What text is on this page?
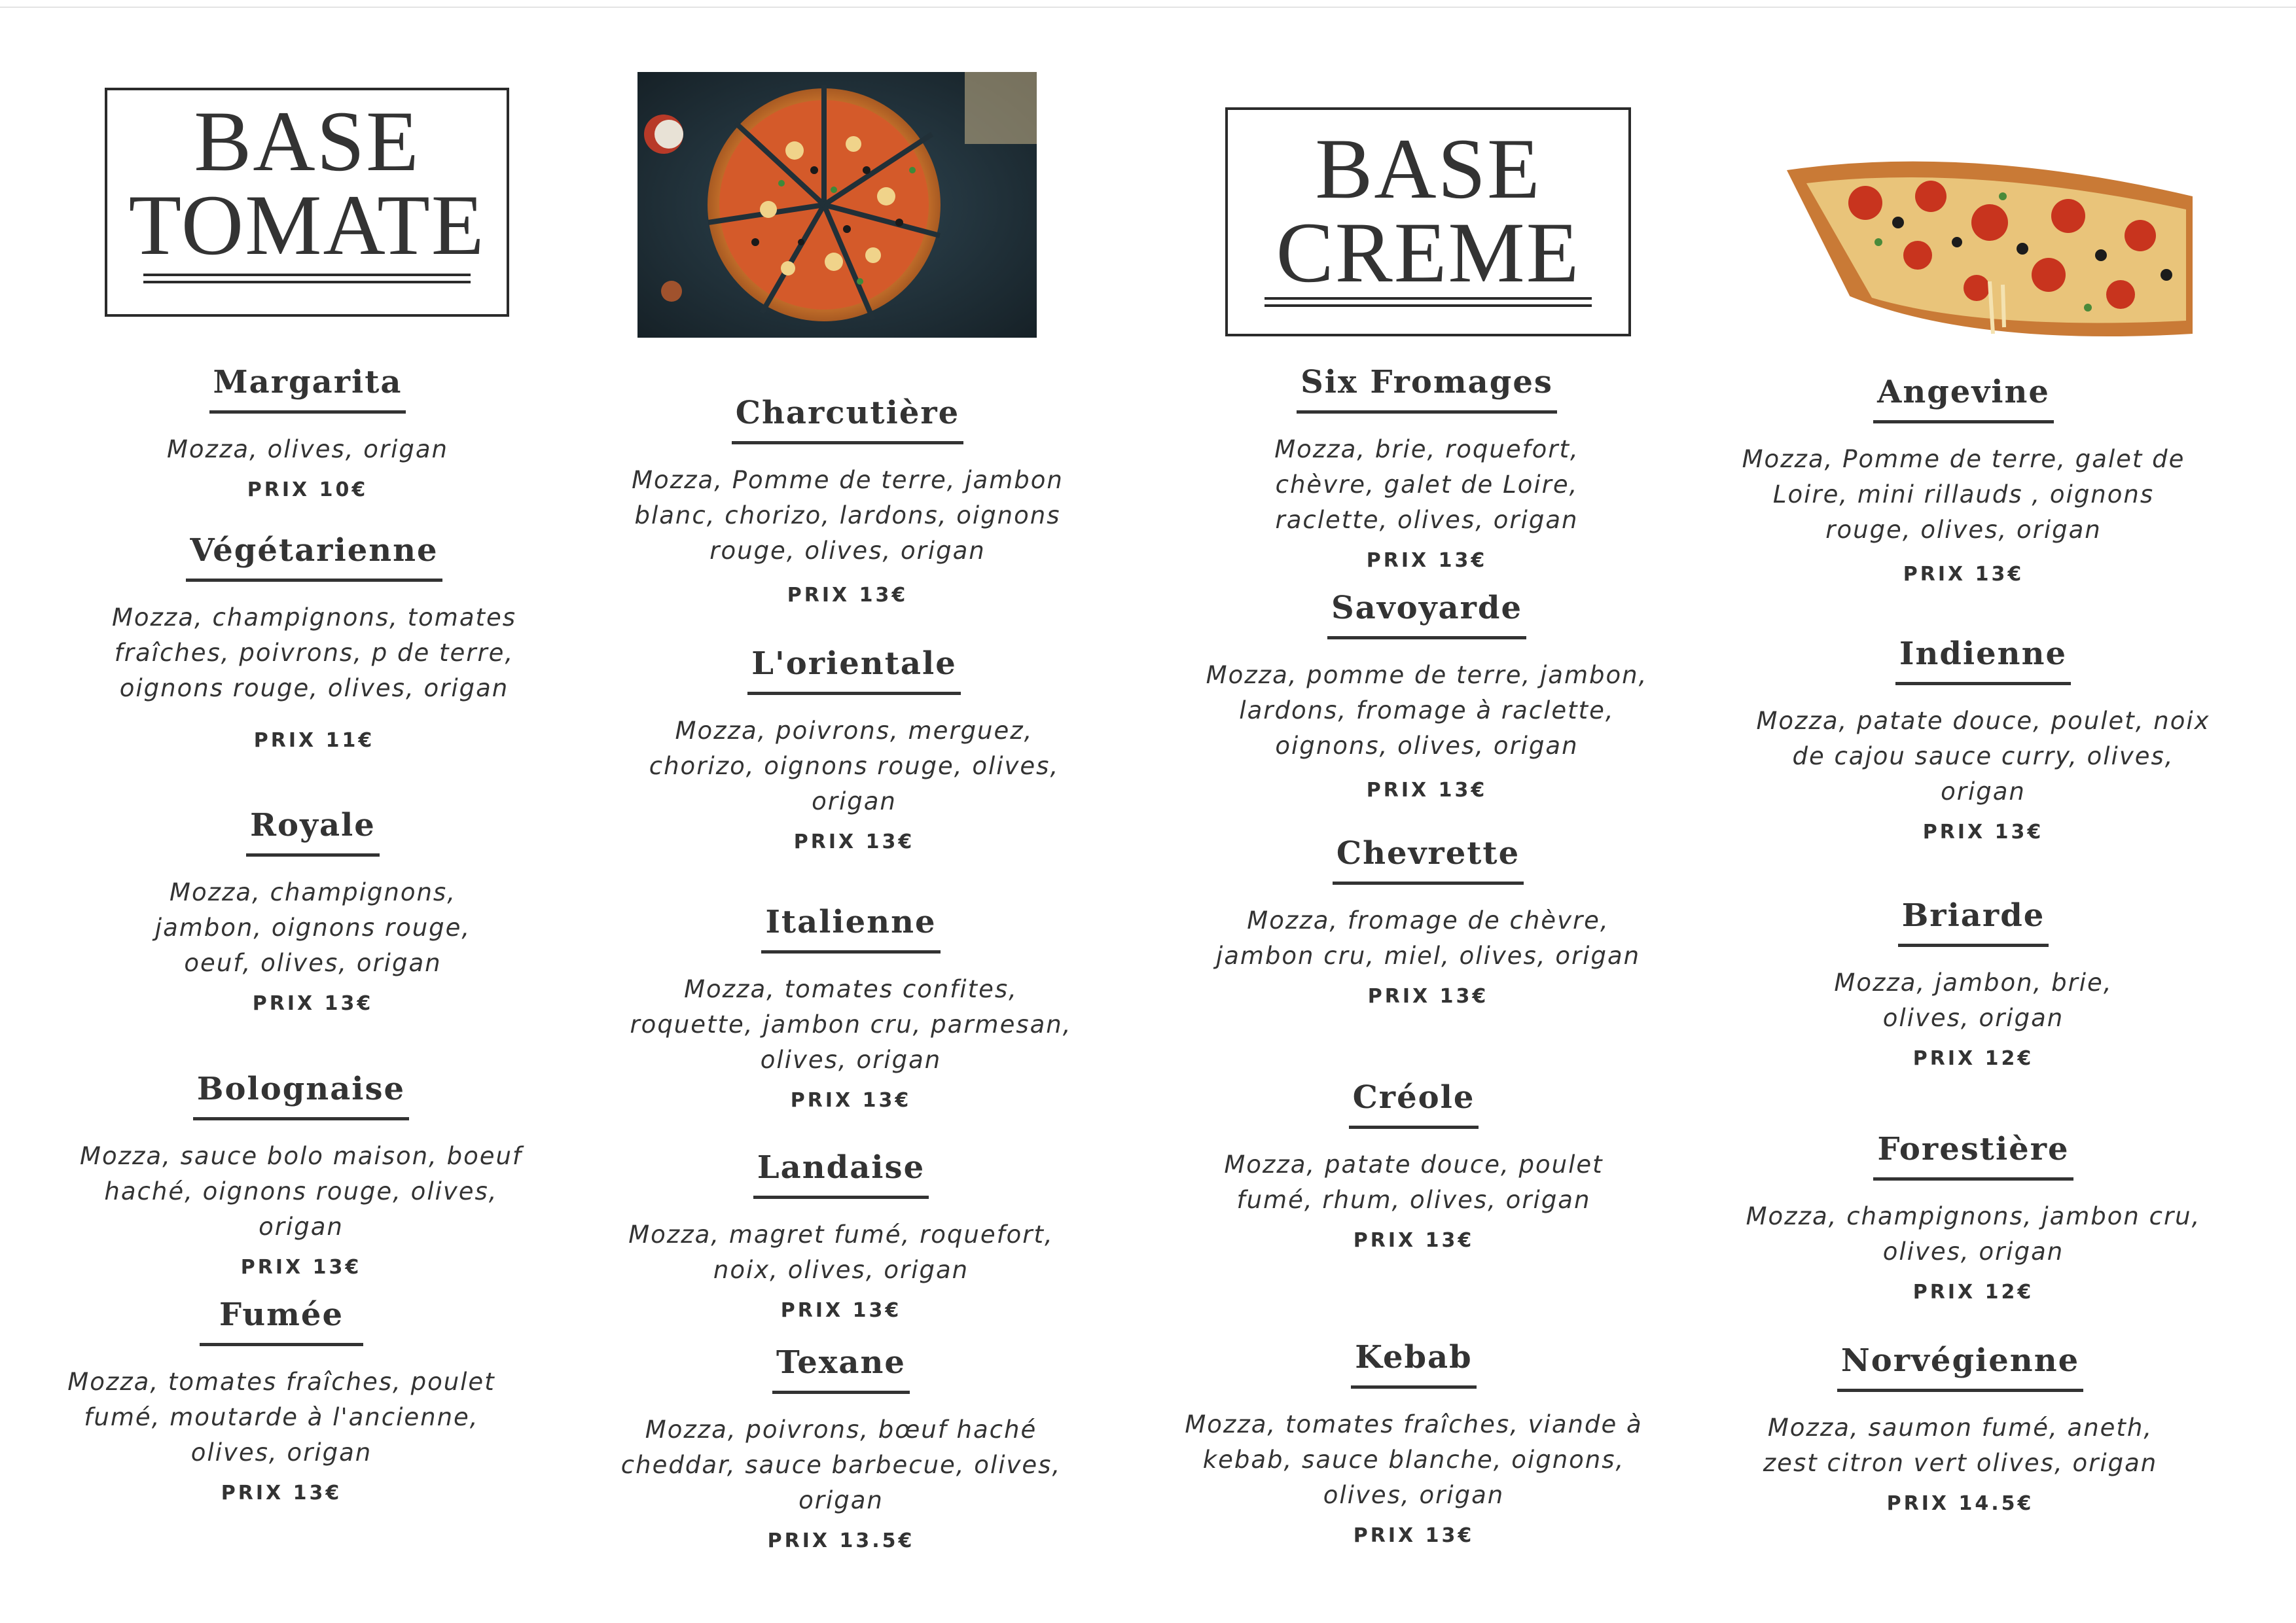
BASE
TOMATE
BASE
CREME
Margarita
Mozza, olives, origan
PRIX 10€
Végétarienne
Mozza, champignons, tomates fraîches, poivrons, p de terre, oignons rouge, olives, origan
PRIX 11€
Royale
Mozza, champignons, jambon, oignons rouge, oeuf, olives, origan
PRIX 13€
Bolognaise
Mozza, sauce bolo maison, boeuf haché, oignons rouge, olives, origan
PRIX 13€
Fumée
Mozza, tomates fraîches, poulet fumé, moutarde à l'ancienne, olives, origan
PRIX 13€
Charcutière
Mozza, Pomme de terre, jambon blanc, chorizo, lardons, oignons rouge, olives, origan
PRIX 13€
L'orientale
Mozza, poivrons, merguez, chorizo, oignons rouge, olives, origan
PRIX 13€
Italienne
Mozza, tomates confites, roquette, jambon cru, parmesan, olives, origan
PRIX 13€
Landaise
Mozza, magret fumé, roquefort, noix, olives, origan
PRIX 13€
Texane
Mozza, poivrons, bœuf haché cheddar, sauce barbecue, olives, origan
PRIX 13.5€
Six Fromages
Mozza, brie, roquefort, chèvre, galet de Loire, raclette, olives, origan
PRIX 13€
Savoyarde
Mozza, pomme de terre, jambon, lardons, fromage à raclette, oignons, olives, origan
PRIX 13€
Chevrette
Mozza, fromage de chèvre, jambon cru, miel, olives, origan
PRIX 13€
Créole
Mozza, patate douce, poulet fumé, rhum, olives, origan
PRIX 13€
Kebab
Mozza, tomates fraîches, viande à kebab, sauce blanche, oignons, olives, origan
PRIX 13€
Angevine
Mozza, Pomme de terre, galet de Loire, mini rillauds , oignons rouge, olives, origan
PRIX 13€
Indienne
Mozza, patate douce, poulet, noix de cajou sauce curry, olives, origan
PRIX 13€
Briarde
Mozza, jambon, brie, olives, origan
PRIX 12€
Forestière
Mozza, champignons, jambon cru, olives, origan
PRIX 12€
Norvégienne
Mozza, saumon fumé, aneth, zest citron vert olives, origan
PRIX 14.5€
